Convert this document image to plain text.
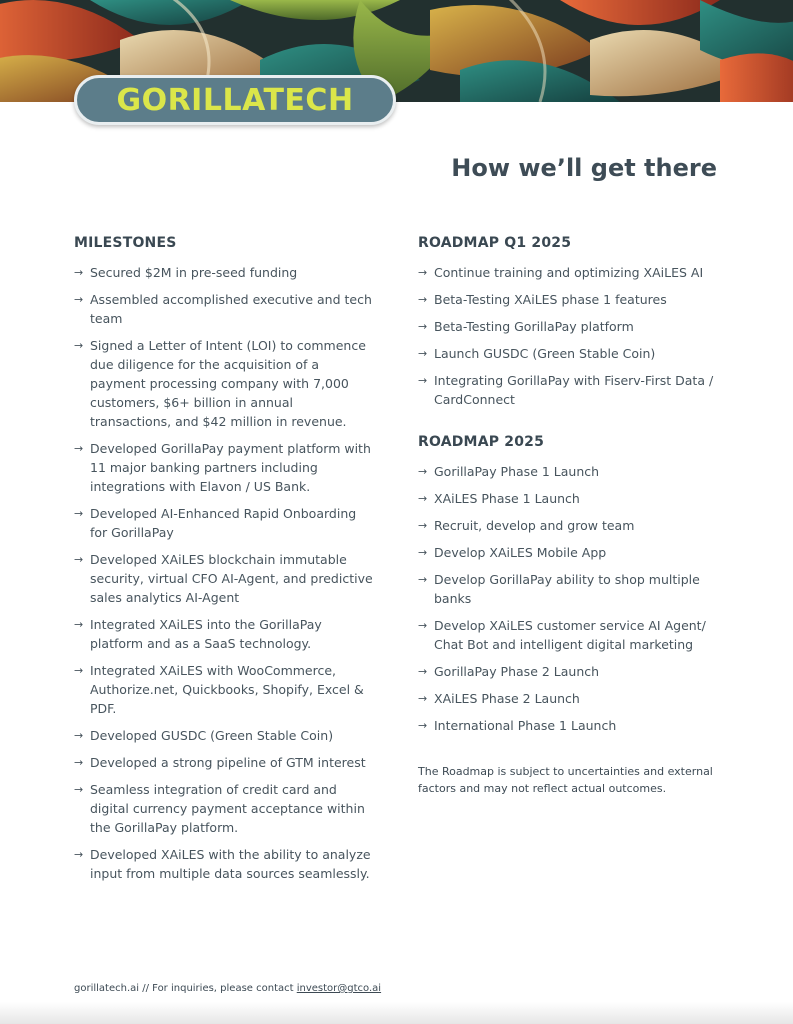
GORILLATECH
How we’ll get there
MILESTONES
→ Secured $2M in pre-seed funding
→ Assembled accomplished executive and tech team
→ Signed a Letter of Intent (LOI) to commence due diligence for the acquisition of a payment processing company with 7,000 customers, $6+ billion in annual transactions, and $42 million in revenue.
→ Developed GorillaPay payment platform with 11 major banking partners including integrations with Elavon / US Bank.
→ Developed AI-Enhanced Rapid Onboarding for GorillaPay
→ Developed XAiLES blockchain immutable security, virtual CFO AI-Agent, and predictive sales analytics AI-Agent
→ Integrated XAiLES into the GorillaPay platform and as a SaaS technology.
→ Integrated XAiLES with WooCommerce, Authorize.net, Quickbooks, Shopify, Excel & PDF.
→ Developed GUSDC (Green Stable Coin)
→ Developed a strong pipeline of GTM interest
→ Seamless integration of credit card and digital currency payment acceptance within the GorillaPay platform.
→ Developed XAiLES with the ability to analyze input from multiple data sources seamlessly.
ROADMAP Q1 2025
→ Continue training and optimizing XAiLES AI
→ Beta-Testing XAiLES phase 1 features
→ Beta-Testing GorillaPay platform
→ Launch GUSDC (Green Stable Coin)
→ Integrating GorillaPay with Fiserv-First Data / CardConnect
ROADMAP 2025
→ GorillaPay Phase 1 Launch
→ XAiLES Phase 1 Launch
→ Recruit, develop and grow team
→ Develop XAiLES Mobile App
→ Develop GorillaPay ability to shop multiple banks
→ Develop XAiLES customer service AI Agent/ Chat Bot and intelligent digital marketing
→ GorillaPay Phase 2 Launch
→ XAiLES Phase 2 Launch
→ International Phase 1 Launch
The Roadmap is subject to uncertainties and external factors and may not reflect actual outcomes.
gorillatech.ai // For inquiries, please contact investor@gtco.ai
